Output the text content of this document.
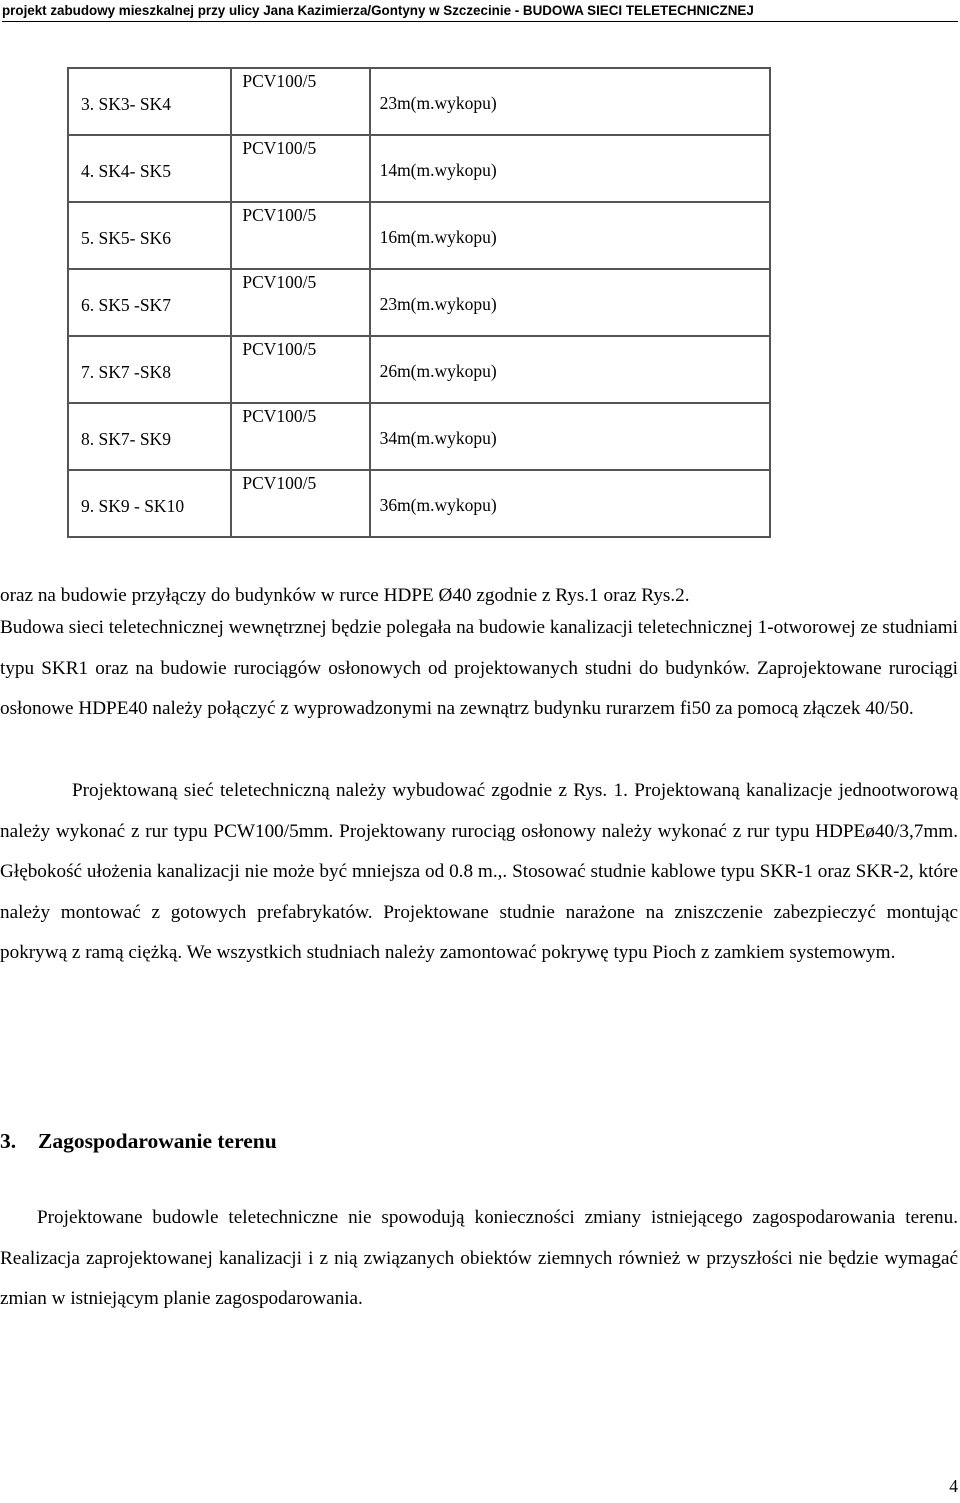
projekt zabudowy mieszkalnej przy ulicy Jana Kazimierza/Gontyny w Szczecinie - BUDOWA SIECI TELETECHNICZNEJ
3. SK3- SK4	PCV100/5	23m(m.wykopu)

4. SK4- SK5	PCV100/5	14m(m.wykopu)

5. SK5- SK6	PCV100/5	16m(m.wykopu)

6. SK5 -SK7	PCV100/5	23m(m.wykopu)

7. SK7 -SK8	PCV100/5	26m(m.wykopu)

8. SK7- SK9	PCV100/5	34m(m.wykopu)

9. SK9 - SK10	PCV100/5	36m(m.wykopu)
oraz na budowie przyłączy do budynków w rurce HDPE Ø40 zgodnie z Rys.1 oraz Rys.2.

Budowa sieci teletechnicznej wewnętrznej będzie polegała na budowie kanalizacji teletechnicznej 1-otworowej ze studniami typu SKR1 oraz na budowie rurociągów osłonowych od projektowanych studni do budynków. Zaprojektowane rurociągi osłonowe HDPE40 należy połączyć z wyprowadzonymi na zewnątrz budynku rurarzem fi50 za pomocą złączek 40/50.

Projektowaną sieć teletechniczną należy wybudować zgodnie z Rys. 1. Projektowaną kanalizacje jednootworową należy wykonać z rur typu PCW100/5mm. Projektowany rurociąg osłonowy należy wykonać z rur typu HDPEø40/3,7mm. Głębokość ułożenia kanalizacji nie może być mniejsza od 0.8 m.,. Stosować studnie kablowe typu SKR-1 oraz SKR-2, które należy montować z gotowych prefabrykatów. Projektowane studnie narażone na zniszczenie zabezpieczyć montując pokrywą z ramą ciężką. We wszystkich studniach należy zamontować pokrywę typu Pioch z zamkiem systemowym.

3. Zagospodarowanie terenu

Projektowane budowle teletechniczne nie spowodują konieczności zmiany istniejącego zagospodarowania terenu. Realizacja zaprojektowanej kanalizacji i z nią związanych obiektów ziemnych również w przyszłości nie będzie wymagać zmian w istniejącym planie zagospodarowania.

4
